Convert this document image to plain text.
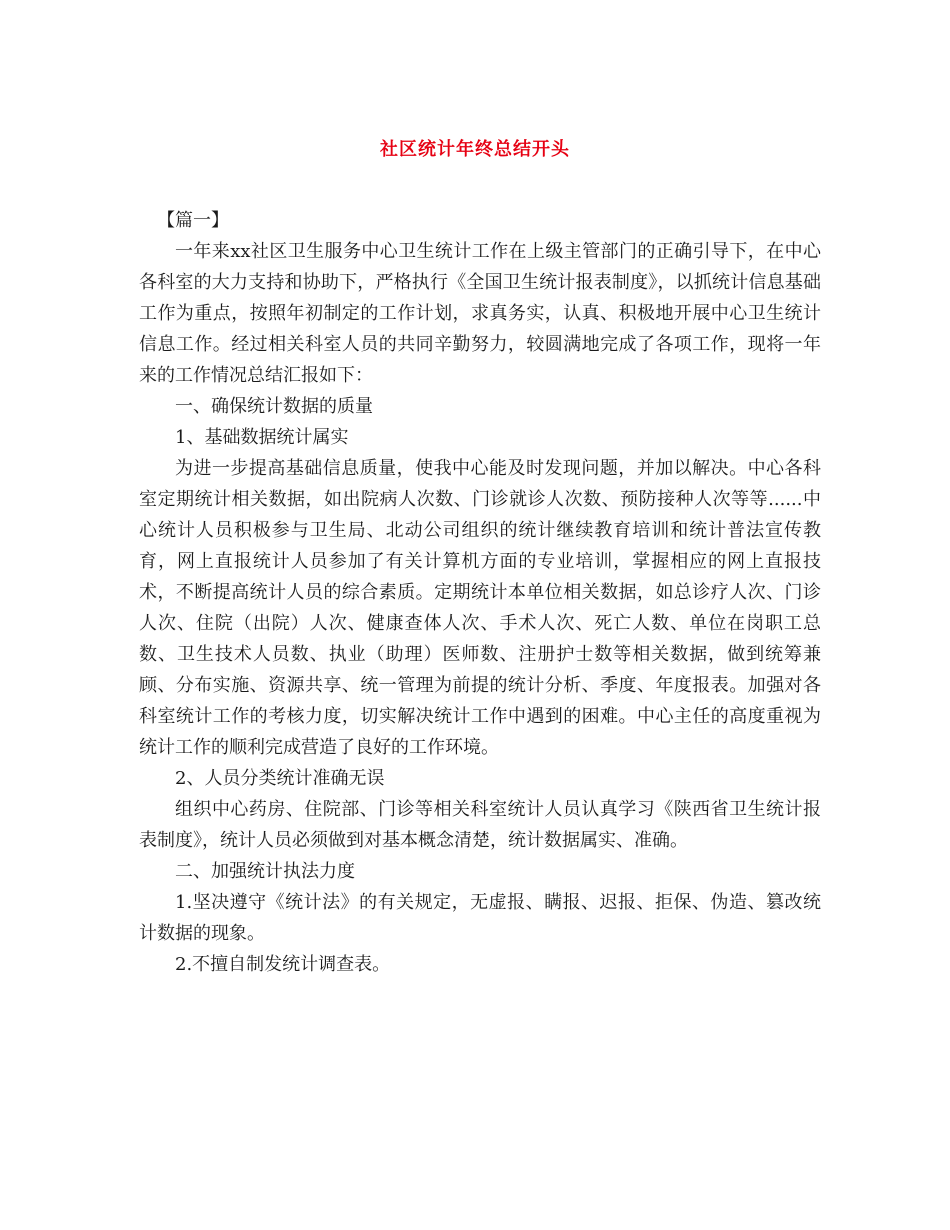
社区统计年终总结开头

【篇一】

一年来xx社区卫生服务中心卫生统计工作在上级主管部门的正确引导下，在中心各科室的大力支持和协助下，严格执行《全国卫生统计报表制度》，以抓统计信息基础工作为重点，按照年初制定的工作计划，求真务实，认真、积极地开展中心卫生统计信息工作。经过相关科室人员的共同辛勤努力，较圆满地完成了各项工作，现将一年来的工作情况总结汇报如下：

一、确保统计数据的质量

1、基础数据统计属实

为进一步提高基础信息质量，使我中心能及时发现问题，并加以解决。中心各科室定期统计相关数据，如出院病人次数、门诊就诊人次数、预防接种人次等等......中心统计人员积极参与卫生局、北动公司组织的统计继续教育培训和统计普法宣传教育，网上直报统计人员参加了有关计算机方面的专业培训，掌握相应的网上直报技术，不断提高统计人员的综合素质。定期统计本单位相关数据，如总诊疗人次、门诊人次、住院（出院）人次、健康查体人次、手术人次、死亡人数、单位在岗职工总数、卫生技术人员数、执业（助理）医师数、注册护士数等相关数据，做到统筹兼顾、分布实施、资源共享、统一管理为前提的统计分析、季度、年度报表。加强对各科室统计工作的考核力度，切实解决统计工作中遇到的困难。中心主任的高度重视为统计工作的顺利完成营造了良好的工作环境。

2、人员分类统计准确无误

组织中心药房、住院部、门诊等相关科室统计人员认真学习《陕西省卫生统计报表制度》，统计人员必须做到对基本概念清楚，统计数据属实、准确。

二、加强统计执法力度

1.坚决遵守《统计法》的有关规定，无虚报、瞒报、迟报、拒保、伪造、篡改统计数据的现象。

2.不擅自制发统计调查表。
